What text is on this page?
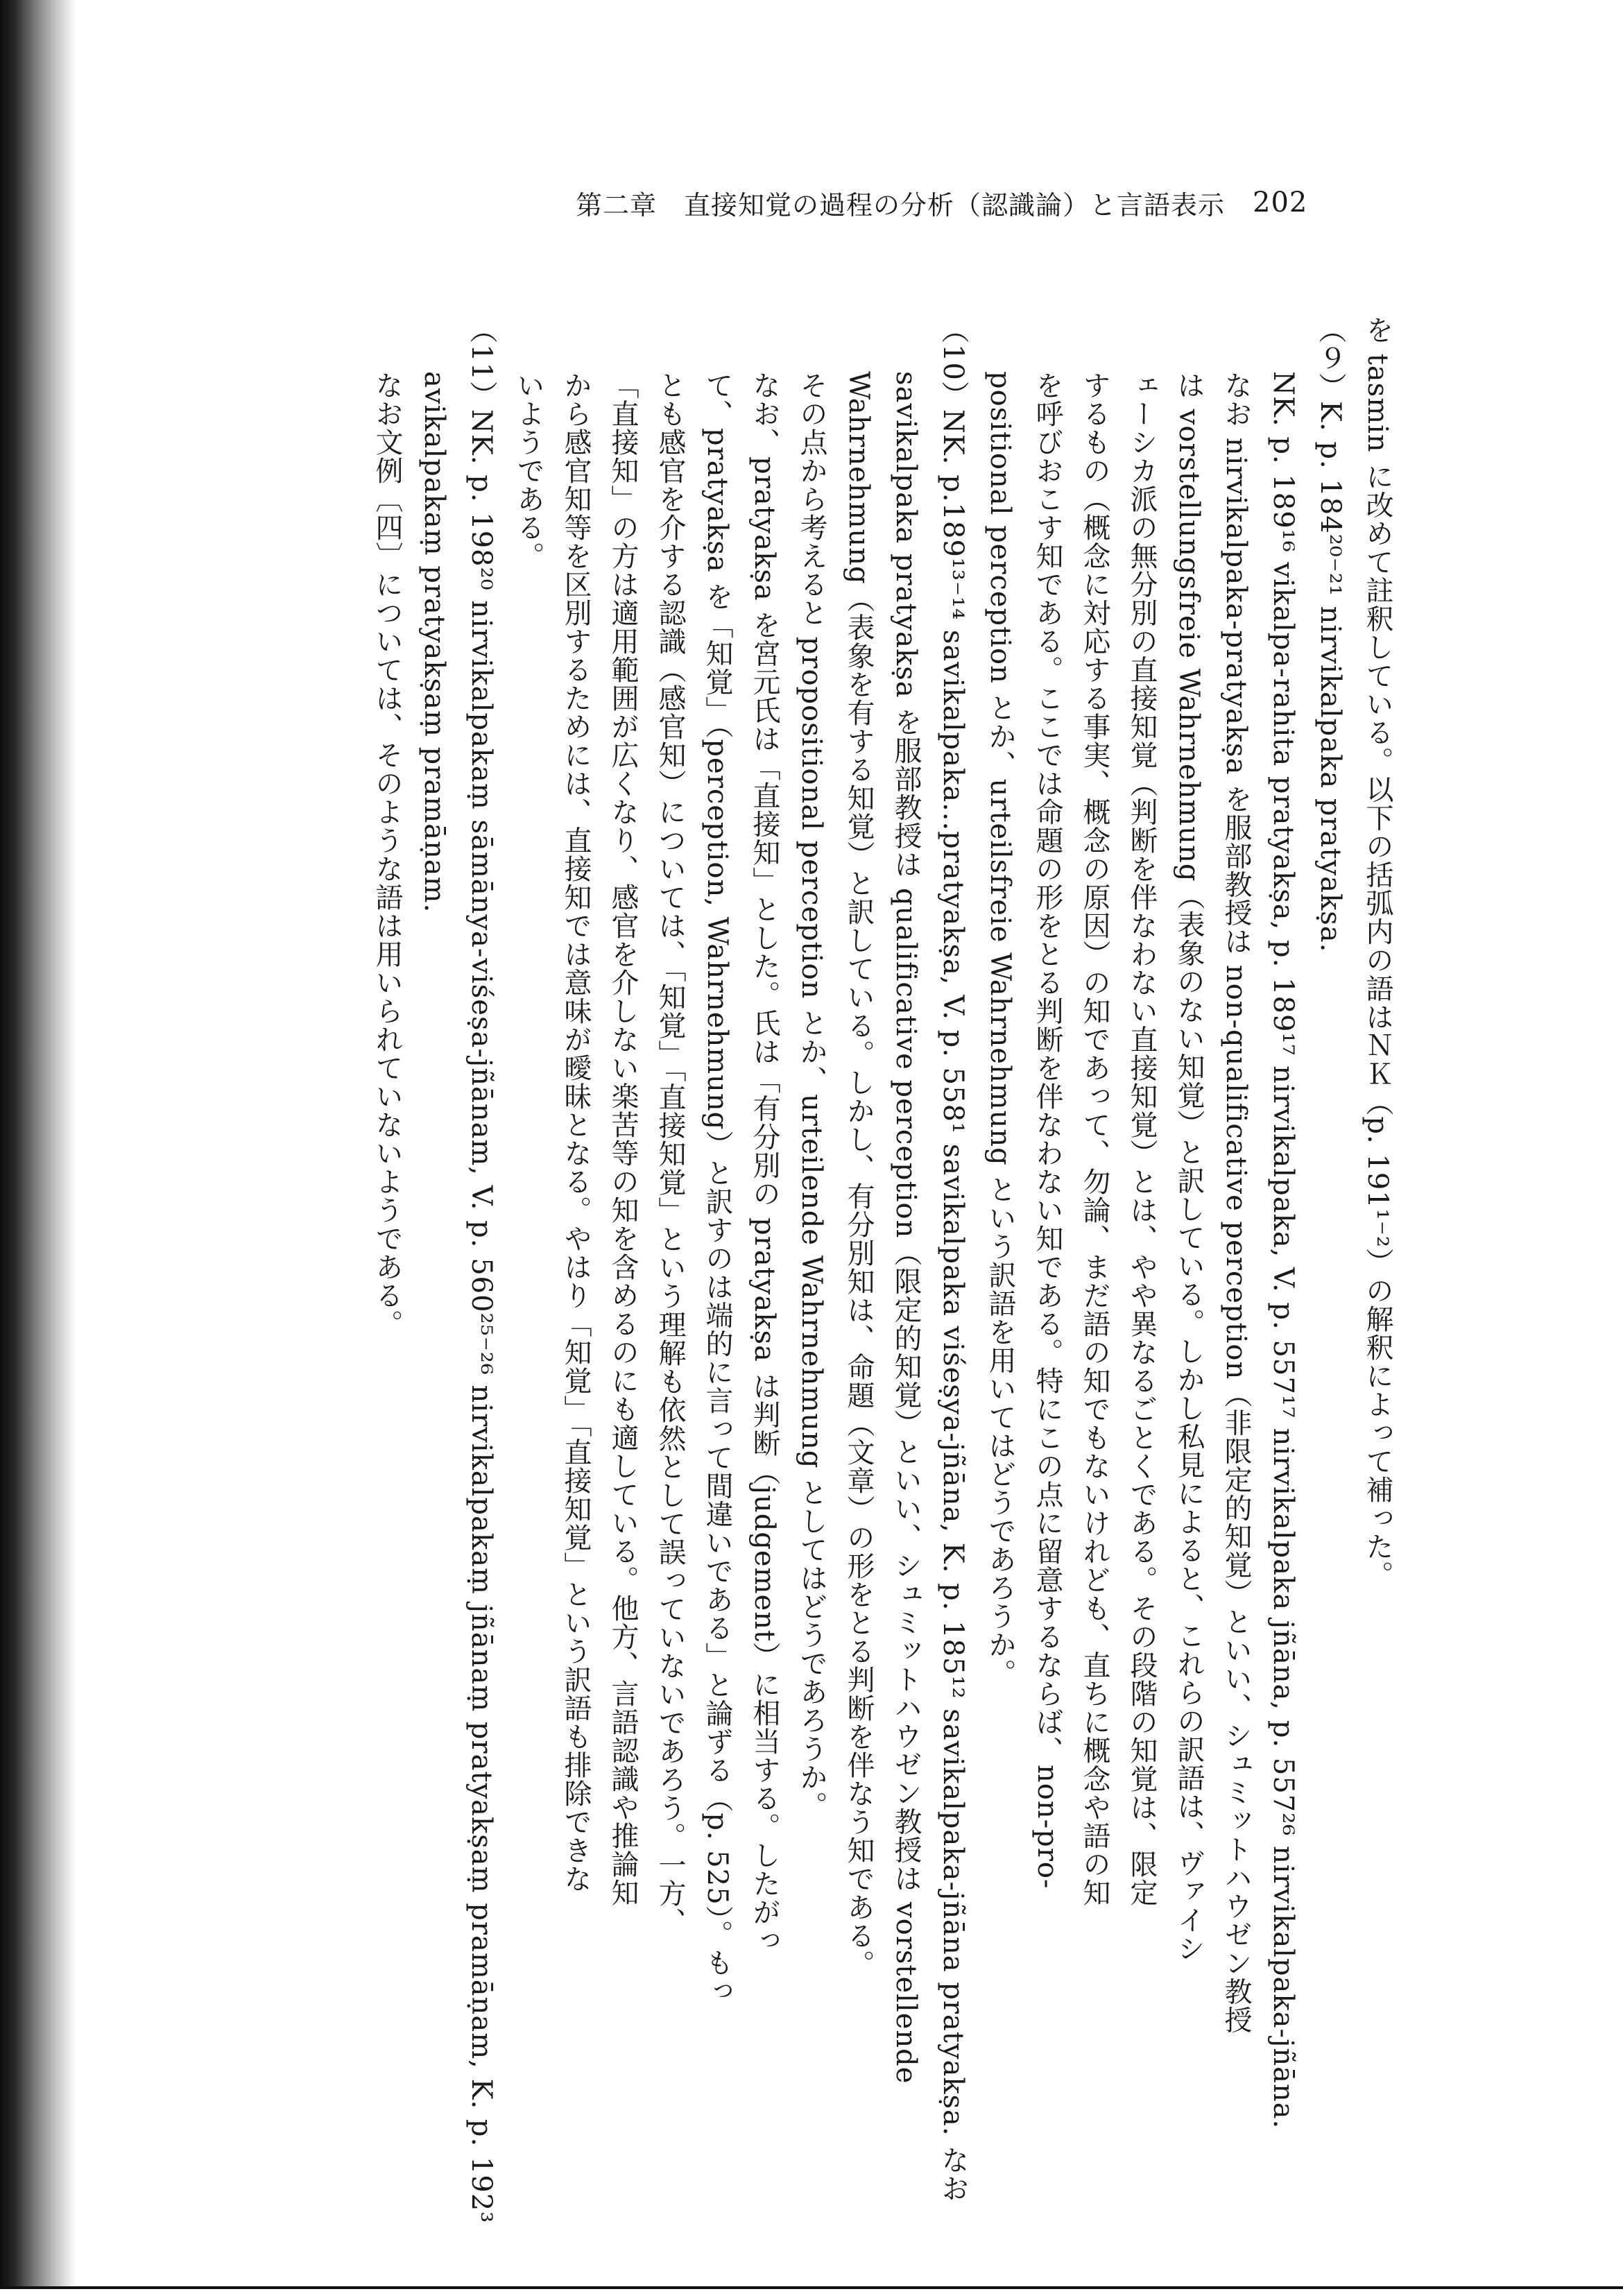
第二章　直接知覚の過程の分析（認識論）と言語表示 202
を tasmin に改めて註釈している。以下の括弧内の語はＮＫ（p. 191¹⁻²）の解釈によって補った。
（９）K. p. 184²⁰⁻²¹ nirvikalpaka pratyakṣa.
NK. p. 189¹⁶ vikalpa-rahita pratyakṣa, p. 189¹⁷ nirvikalpaka, V. p. 557¹⁷ nirvikalpaka jñāna, p. 557²⁶ nirvikalpaka-jñāna.
なお nirvikalpaka-pratyakṣa を服部教授は non-qualificative perception（非限定的知覚）といい、シュミットハウゼン教授
は vorstellungsfreie Wahrnehmung（表象のない知覚）と訳している。しかし私見によると、これらの訳語は、ヴァイシ
ェーシカ派の無分別の直接知覚（判断を伴なわない直接知覚）とは、やや異なるごとくである。その段階の知覚は、限定
するもの（概念に対応する事実、概念の原因）の知であって、勿論、まだ語の知でもないけれども、直ちに概念や語の知
を呼びおこす知である。ここでは命題の形をとる判断を伴なわない知である。特にこの点に留意するならば、non-pro-
positional perception とか、urteilsfreie Wahrnehmung という訳語を用いてはどうであろうか。
（10）NK. p.189¹³⁻¹⁴ savikalpaka...pratyakṣa, V. p. 558¹ savikalpaka viśeṣya-jñāna, K. p. 185¹² savikalpaka-jñāna pratyakṣa. なお
savikalpaka pratyakṣa を服部教授は qualificative perception（限定的知覚）といい、シュミットハウゼン教授は vorstellende
Wahrnehmung（表象を有する知覚）と訳している。しかし、有分別知は、命題（文章）の形をとる判断を伴なう知である。
その点から考えると propositional perception とか、urteilende Wahrnehmung としてはどうであろうか。
なお、pratyakṣa を宮元氏は「直接知」とした。氏は「有分別の pratyakṣa は判断（judgement）に相当する。したがっ
て、pratyakṣa を「知覚」（perception, Wahrnehmung）と訳すのは端的に言って間違いである」と論ずる（p. 525）。もっ
とも感官を介する認識（感官知）については、「知覚」「直接知覚」という理解も依然として誤っていないであろう。一方、
「直接知」の方は適用範囲が広くなり、感官を介しない楽苦等の知を含めるのにも適している。他方、言語認識や推論知
から感官知等を区別するためには、直接知では意味が曖昧となる。やはり「知覚」「直接知覚」という訳語も排除できな
いようである。
（11）NK. p. 198²⁰ nirvikalpakaṃ sāmānya-viśeṣa-jñānam, V. p. 560²⁵⁻²⁶ nirvikalpakaṃ jñānaṃ pratyakṣaṃ pramāṇam, K. p. 192³
avikalpakaṃ pratyakṣaṃ pramāṇam.
なお文例〔四〕については、そのような語は用いられていないようである。
